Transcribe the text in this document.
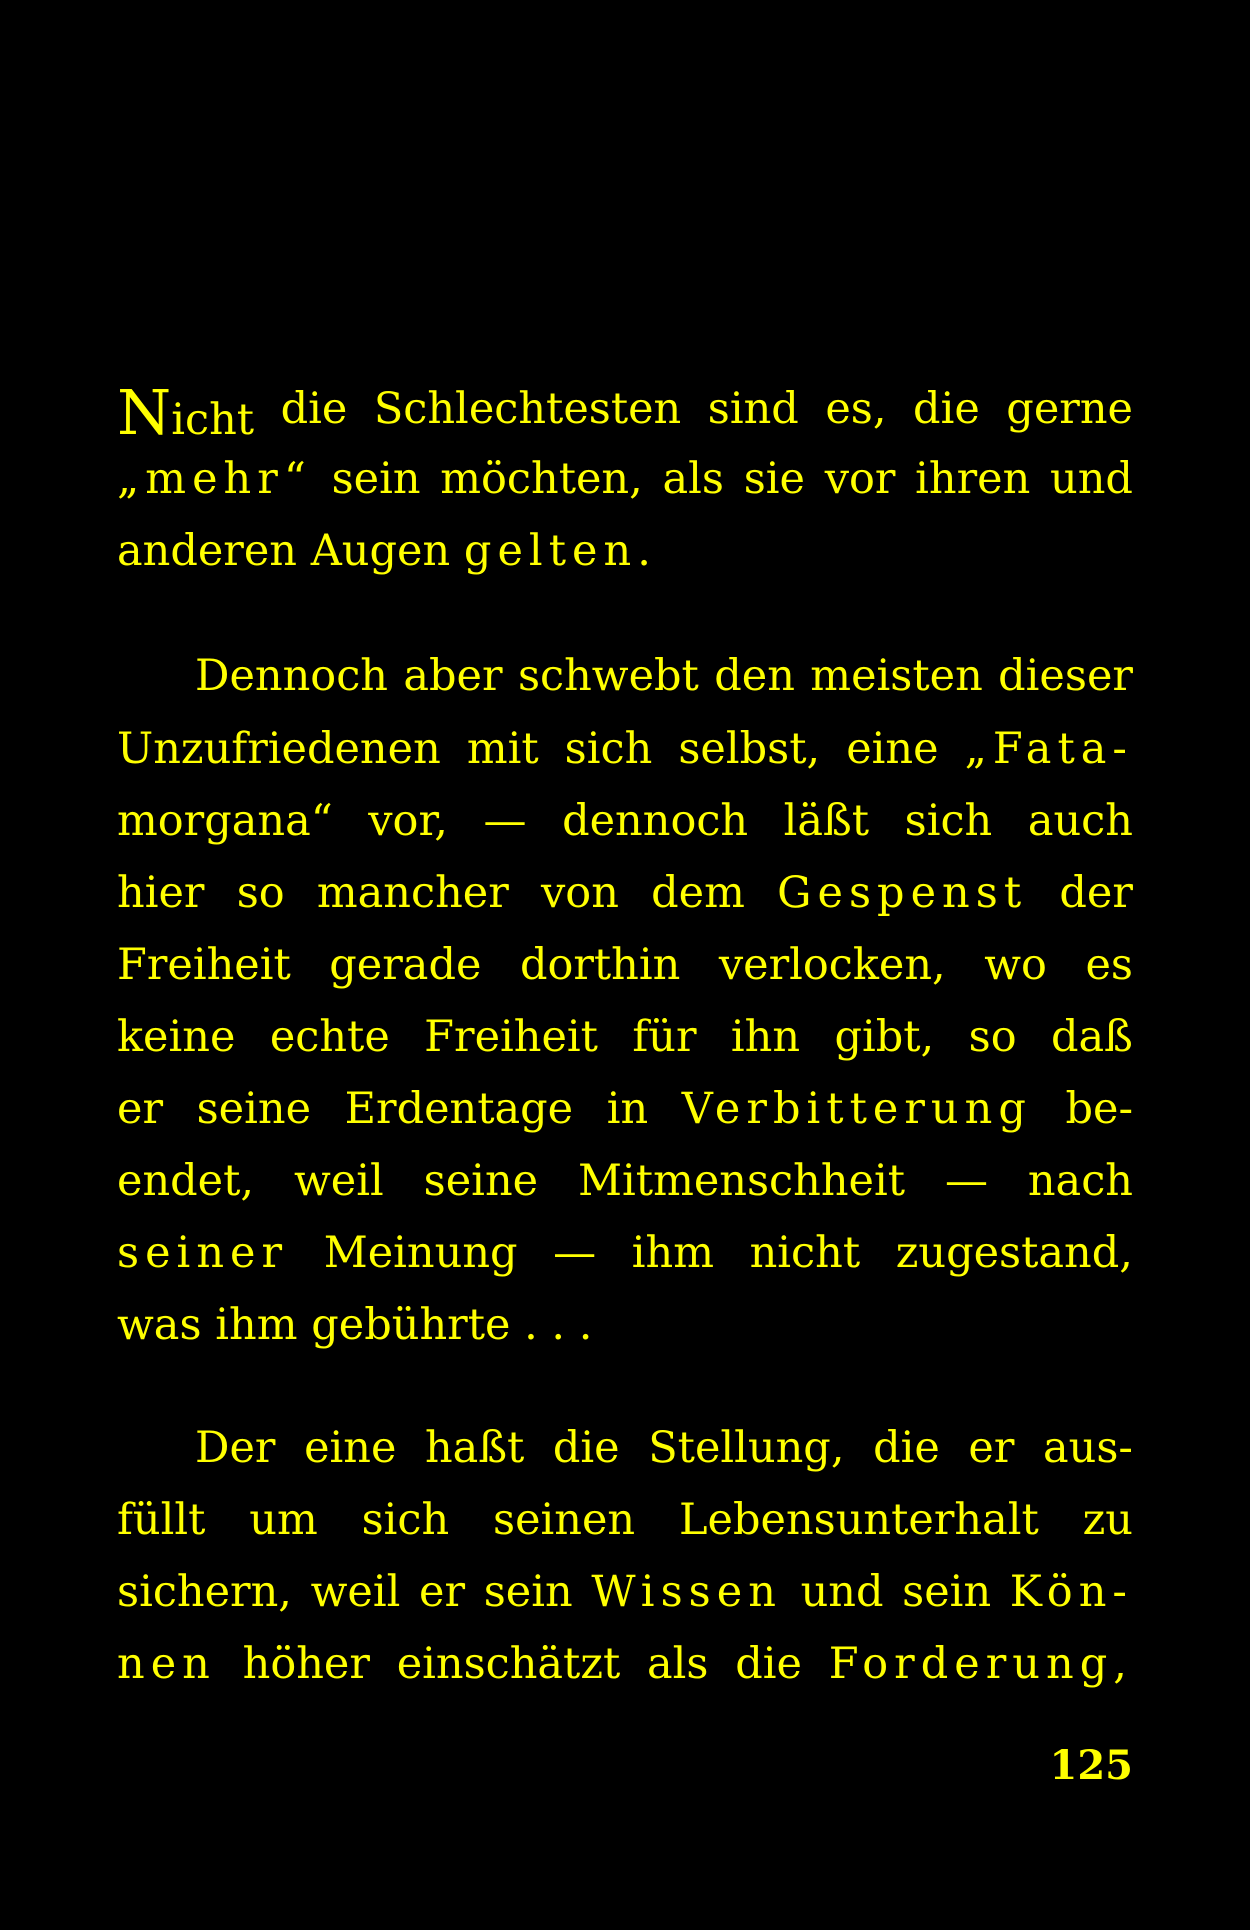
N icht die Schlechtesten sind es, die gerne
„mehr“ sein möchten, als sie vor ihren und
anderen Augen gelten.
Dennoch aber schwebt den meisten dieser
Unzufriedenen mit sich selbst, eine „Fata-
morgana“ vor, — dennoch läßt sich auch
hier so mancher von dem Gespenst der
Freiheit gerade dorthin verlocken, wo es
keine echte Freiheit für ihn gibt, so daß
er seine Erdentage in Verbitterung be-
endet, weil seine Mitmenschheit — nach
seiner Meinung — ihm nicht zugestand,
was ihm gebührte . . .
Der eine haßt die Stellung, die er aus-
füllt um sich seinen Lebensunterhalt zu
sichern, weil er sein Wissen und sein Kön-
nen höher einschätzt als die Forderung,
125
